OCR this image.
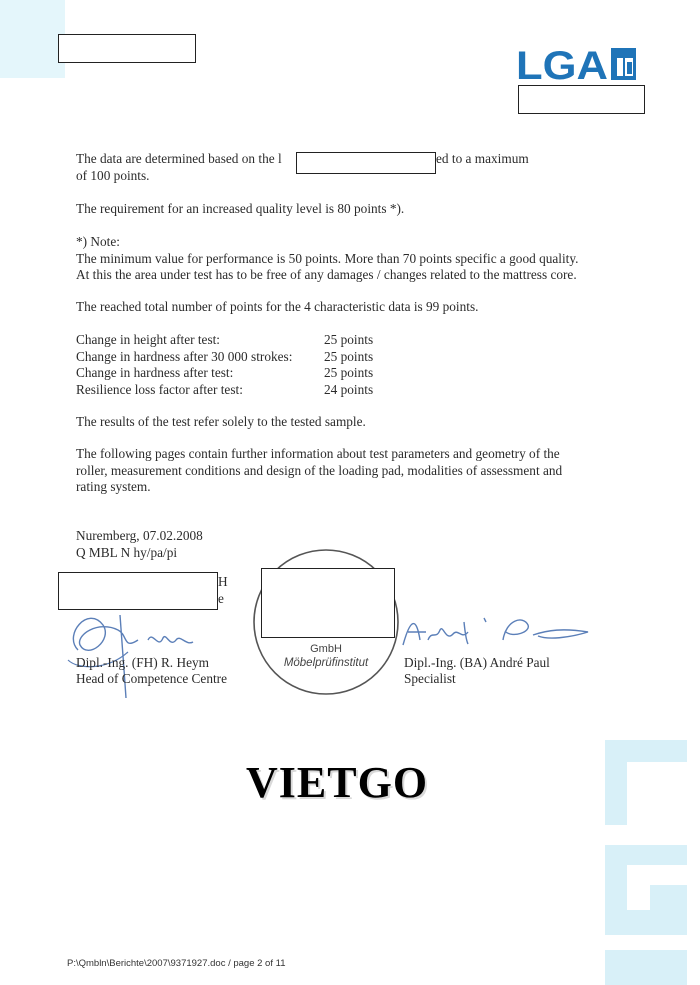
LGA
The data are determined based on the l
of 100 points.
ed to a maximum

The requirement for an increased quality level is 80 points *).

*) Note:
The minimum value for performance is 50 points. More than 70 points specific a good quality.
At this the area under test has to be free of any damages / changes related to the mattress core.

The reached total number of points for the 4 characteristic data is 99 points.

Change in height after test:	25 points
Change in hardness after 30 000 strokes:	25 points
Change in hardness after test:	25 points
Resilience loss factor after test:	24 points

The results of the test refer solely to the tested sample.

The following pages contain further information about test parameters and geometry of the
roller, measurement conditions and design of the loading pad, modalities of assessment and
rating system.
Nuremberg, 07.02.2008
Q MBL N hy/pa/pi
H
e
GmbH
Möbelprüfinstitut
Dipl.-Ing. (FH) R. Heym
Head of Competence Centre
Dipl.-Ing. (BA) André Paul
Specialist
VIETGO
P:\Qmbln\Berichte\2007\9371927.doc / page 2 of 11
